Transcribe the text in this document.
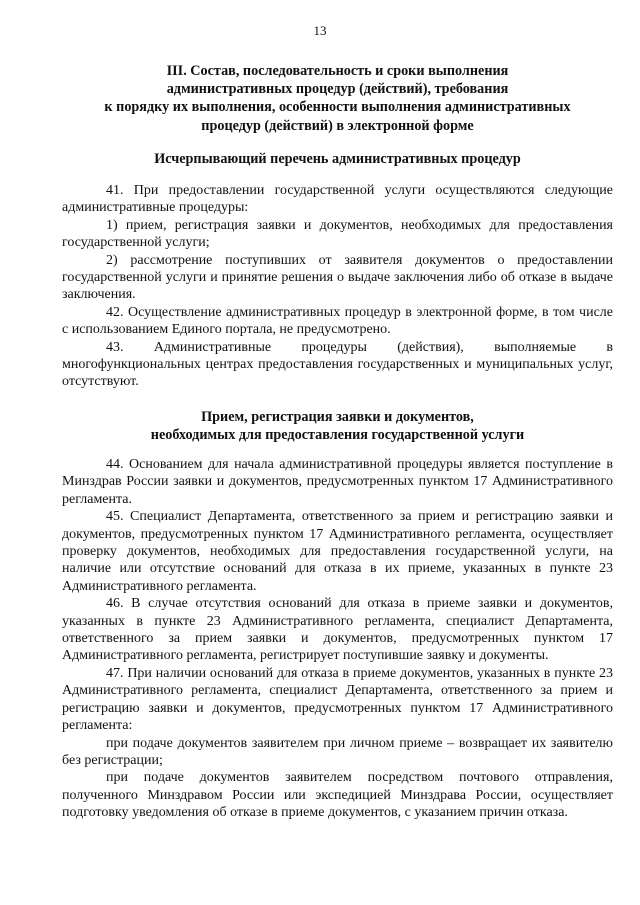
13
III. Состав, последовательность и сроки выполнения
административных процедур (действий), требования
к порядку их выполнения, особенности выполнения административных
процедур (действий) в электронной форме
Исчерпывающий перечень административных процедур

41. При предоставлении государственной услуги осуществляются следующие административные процедуры:

1) прием, регистрация заявки и документов, необходимых для предоставления государственной услуги;

2) рассмотрение поступивших от заявителя документов о предоставлении государственной услуги и принятие решения о выдаче заключения либо об отказе в выдаче заключения.

42. Осуществление административных процедур в электронной форме, в том числе с использованием Единого портала, не предусмотрено.

43. Административные процедуры (действия), выполняемые в многофункциональных центрах предоставления государственных и муниципальных услуг, отсутствуют.

Прием, регистрация заявки и документов,
необходимых для предоставления государственной услуги

44. Основанием для начала административной процедуры является поступление в Минздрав России заявки и документов, предусмотренных пунктом 17 Административного регламента.

45. Специалист Департамента, ответственного за прием и регистрацию заявки и документов, предусмотренных пунктом 17 Административного регламента, осуществляет проверку документов, необходимых для предоставления государственной услуги, на наличие или отсутствие оснований для отказа в их приеме, указанных в пункте 23 Административного регламента.

46. В случае отсутствия оснований для отказа в приеме заявки и документов, указанных в пункте 23 Административного регламента, специалист Департамента, ответственного за прием заявки и документов, предусмотренных пунктом 17 Административного регламента, регистрирует поступившие заявку и документы.

47. При наличии оснований для отказа в приеме документов, указанных в пункте 23 Административного регламента, специалист Департамента, ответственного за прием и регистрацию заявки и документов, предусмотренных пунктом 17 Административного регламента:

при подаче документов заявителем при личном приеме – возвращает их заявителю без регистрации;

при подаче документов заявителем посредством почтового отправления, полученного Минздравом России или экспедицией Минздрава России, осуществляет подготовку уведомления об отказе в приеме документов, с указанием причин отказа.
